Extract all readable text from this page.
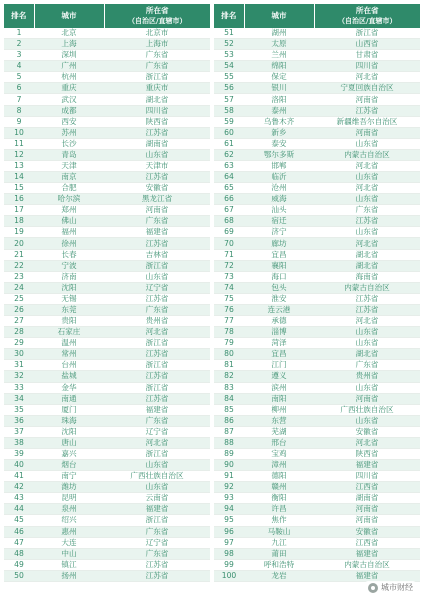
排名	城市	所在省
（自治区/直辖市）

1	北京	北京市
2	上海	上海市
3	深圳	广东省
4	广州	广东省
5	杭州	浙江省
6	重庆	重庆市
7	武汉	湖北省
8	成都	四川省
9	西安	陕西省
10	苏州	江苏省
11	长沙	湖南省
12	青岛	山东省
13	天津	天津市
14	南京	江苏省
15	合肥	安徽省
16	哈尔滨	黑龙江省
17	郑州	河南省
18	佛山	广东省
19	福州	福建省
20	徐州	江苏省
21	长春	吉林省
22	宁波	浙江省
23	济南	山东省
24	沈阳	辽宁省
25	无锡	江苏省
26	东莞	广东省
27	贵阳	贵州省
28	石家庄	河北省
29	温州	浙江省
30	常州	江苏省
31	台州	浙江省
32	盐城	江苏省
33	金华	浙江省
34	南通	江苏省
35	厦门	福建省
36	珠海	广东省
37	沈阳	辽宁省
38	唐山	河北省
39	嘉兴	浙江省
40	烟台	山东省
41	南宁	广西壮族自治区
42	潍坊	山东省
43	昆明	云南省
44	泉州	福建省
45	绍兴	浙江省
46	惠州	广东省
47	大连	辽宁省
48	中山	广东省
49	镇江	江苏省
50	扬州	江苏省
排名	城市	所在省
（自治区/直辖市）

51	湖州	浙江省
52	太原	山西省
53	兰州	甘肃省
54	绵阳	四川省
55	保定	河北省
56	银川	宁夏回族自治区
57	洛阳	河南省
58	泰州	江苏省
59	乌鲁木齐	新疆维吾尔自治区
60	新乡	河南省
61	泰安	山东省
62	鄂尔多斯	内蒙古自治区
63	邯郸	河北省
64	临沂	山东省
65	沧州	河北省
66	威海	山东省
67	汕头	广东省
68	宿迁	江苏省
69	济宁	山东省
70	廊坊	河北省
71	宜昌	湖北省
72	襄阳	湖北省
73	海口	海南省
74	包头	内蒙古自治区
75	淮安	江苏省
76	连云港	江苏省
77	承德	河北省
78	淄博	山东省
79	菏泽	山东省
80	宜昌	湖北省
81	江门	广东省
82	遵义	贵州省
83	滨州	山东省
84	南阳	河南省
85	柳州	广西壮族自治区
86	东营	山东省
87	芜湖	安徽省
88	邢台	河北省
89	宝鸡	陕西省
90	漳州	福建省
91	德阳	四川省
92	赣州	江西省
93	衡阳	湖南省
94	许昌	河南省
95	焦作	河南省
96	马鞍山	安徽省
97	九江	江西省
98	莆田	福建省
99	呼和浩特	内蒙古自治区
100	龙岩	福建省
城市财经
